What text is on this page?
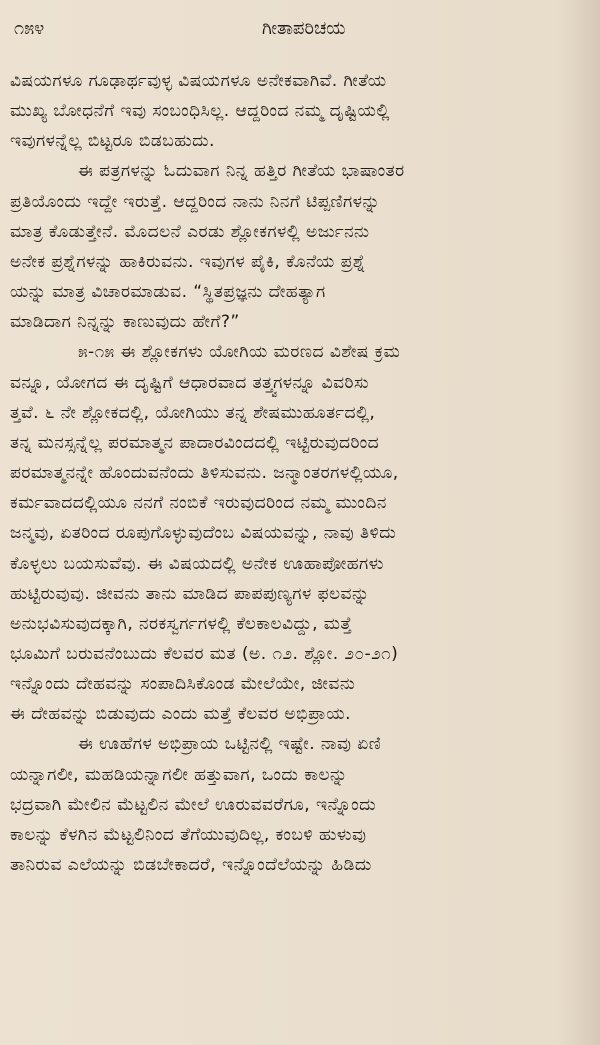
೧೫೪	ಗೀತಾಪರಿಚಯ
ವಿಷಯಗಳೂ ಗೂಢಾರ್ಥವುಳ್ಳ ವಿಷಯಗಳೂ ಅನೇಕವಾಗಿವೆ. ಗೀತೆಯ
ಮುಖ್ಯ ಬೋಧನೆಗೆ ಇವು ಸಂಬಂಧಿಸಿಲ್ಲ. ಆದ್ದರಿಂದ ನಮ್ಮ ದೃಷ್ಟಿಯಲ್ಲಿ
ಇವುಗಳನ್ನೆಲ್ಲ ಬಿಟ್ಟರೂ ಬಿಡಬಹುದು.
ಈ ಪತ್ರಗಳನ್ನು ಓದುವಾಗ ನಿನ್ನ ಹತ್ತಿರ ಗೀತೆಯ ಭಾಷಾಂತರ
ಪ್ರತಿಯೊಂದು ಇದ್ದೇ ಇರುತ್ತೆ. ಆದ್ದರಿಂದ ನಾನು ನಿನಗೆ ಟಿಪ್ಪಣಿಗಳನ್ನು
ಮಾತ್ರ ಕೊಡುತ್ತೇನೆ. ಮೊದಲನೆ ಎರಡು ಶ್ಲೋಕಗಳಲ್ಲಿ ಅರ್ಜುನನು
ಅನೇಕ ಪ್ರಶ್ನೆಗಳನ್ನು ಹಾಕಿರುವನು. ಇವುಗಳ ಪೈಕಿ, ಕೊನೆಯ ಪ್ರಶ್ನೆ
ಯನ್ನು ಮಾತ್ರ ವಿಚಾರಮಾಡುವ. “ಸ್ಥಿತಪ್ರಜ್ಞನು ದೇಹತ್ಯಾಗ
ಮಾಡಿದಾಗ ನಿನ್ನನ್ನು ಕಾಣುವುದು ಹೇಗೆ?”
೫-೧೫ ಈ ಶ್ಲೋಕಗಳು ಯೋಗಿಯ ಮರಣದ ವಿಶೇಷ ಕ್ರಮ
ವನ್ನೂ, ಯೋಗದ ಈ ದೃಷ್ಟಿಗೆ ಆಧಾರವಾದ ತತ್ತ್ವಗಳನ್ನೂ ವಿವರಿಸು
ತ್ತವೆ. ೬ ನೇ ಶ್ಲೋಕದಲ್ಲಿ, ಯೋಗಿಯು ತನ್ನ ಶೇಷಮುಹೂರ್ತದಲ್ಲಿ,
ತನ್ನ ಮನಸ್ಸನ್ನೆಲ್ಲ ಪರಮಾತ್ಮನ ಪಾದಾರವಿಂದದಲ್ಲಿ ಇಟ್ಟಿರುವುದರಿಂದ
ಪರಮಾತ್ಮನನ್ನೇ ಹೊಂದುವನೆಂದು ತಿಳಿಸುವನು. ಜನ್ಮಾಂತರಗಳಲ್ಲಿಯೂ,
ಕರ್ಮವಾದದಲ್ಲಿಯೂ ನನಗೆ ನಂಬಿಕೆ ಇರುವುದರಿಂದ ನಮ್ಮ ಮುಂದಿನ
ಜನ್ಮವು, ಏತರಿಂದ ರೂಪುಗೊಳ್ಳುವುದೆಂಬ ವಿಷಯವನ್ನು, ನಾವು ತಿಳಿದು
ಕೊಳ್ಳಲು ಬಯಸುವೆವು. ಈ ವಿಷಯದಲ್ಲಿ ಅನೇಕ ಊಹಾಪೋಹಗಳು
ಹುಟ್ಟಿರುವುವು. ಜೀವನು ತಾನು ಮಾಡಿದ ಪಾಪಪುಣ್ಯಗಳ ಫಲವನ್ನು
ಅನುಭವಿಸುವುದಕ್ಕಾಗಿ, ನರಕಸ್ವರ್ಗಗಳಲ್ಲಿ ಕೆಲಕಾಲವಿದ್ದು, ಮತ್ತೆ
ಭೂಮಿಗೆ ಬರುವನೆಂಬುದು ಕೆಲವರ ಮತ (ಅ. ೧೨. ಶ್ಲೋ. ೨೦-೨೧)
ಇನ್ನೊಂದು ದೇಹವನ್ನು ಸಂಪಾದಿಸಿಕೊಂಡ ಮೇಲೆಯೇ, ಜೀವನು
ಈ ದೇಹವನ್ನು ಬಿಡುವುದು ಎಂದು ಮತ್ತೆ ಕೆಲವರ ಅಭಿಪ್ರಾಯ.
ಈ ಊಹೆಗಳ ಅಭಿಪ್ರಾಯ ಒಟ್ಟಿನಲ್ಲಿ ಇಷ್ಟೇ. ನಾವು ಏಣಿ
ಯನ್ನಾಗಲೀ, ಮಹಡಿಯನ್ನಾಗಲೀ ಹತ್ತುವಾಗ, ಒಂದು ಕಾಲನ್ನು
ಭದ್ರವಾಗಿ ಮೇಲಿನ ಮೆಟ್ಟಲಿನ ಮೇಲೆ ಊರುವವರೆಗೂ, ಇನ್ನೊಂದು
ಕಾಲನ್ನು ಕೆಳಗಿನ ಮೆಟ್ಟಲಿನಿಂದ ತೆಗೆಯುವುದಿಲ್ಲ, ಕಂಬಳಿ ಹುಳುವು
ತಾನಿರುವ ಎಲೆಯನ್ನು ಬಿಡಬೇಕಾದರೆ, ಇನ್ನೊಂದೆಲೆಯನ್ನು ಹಿಡಿದು
